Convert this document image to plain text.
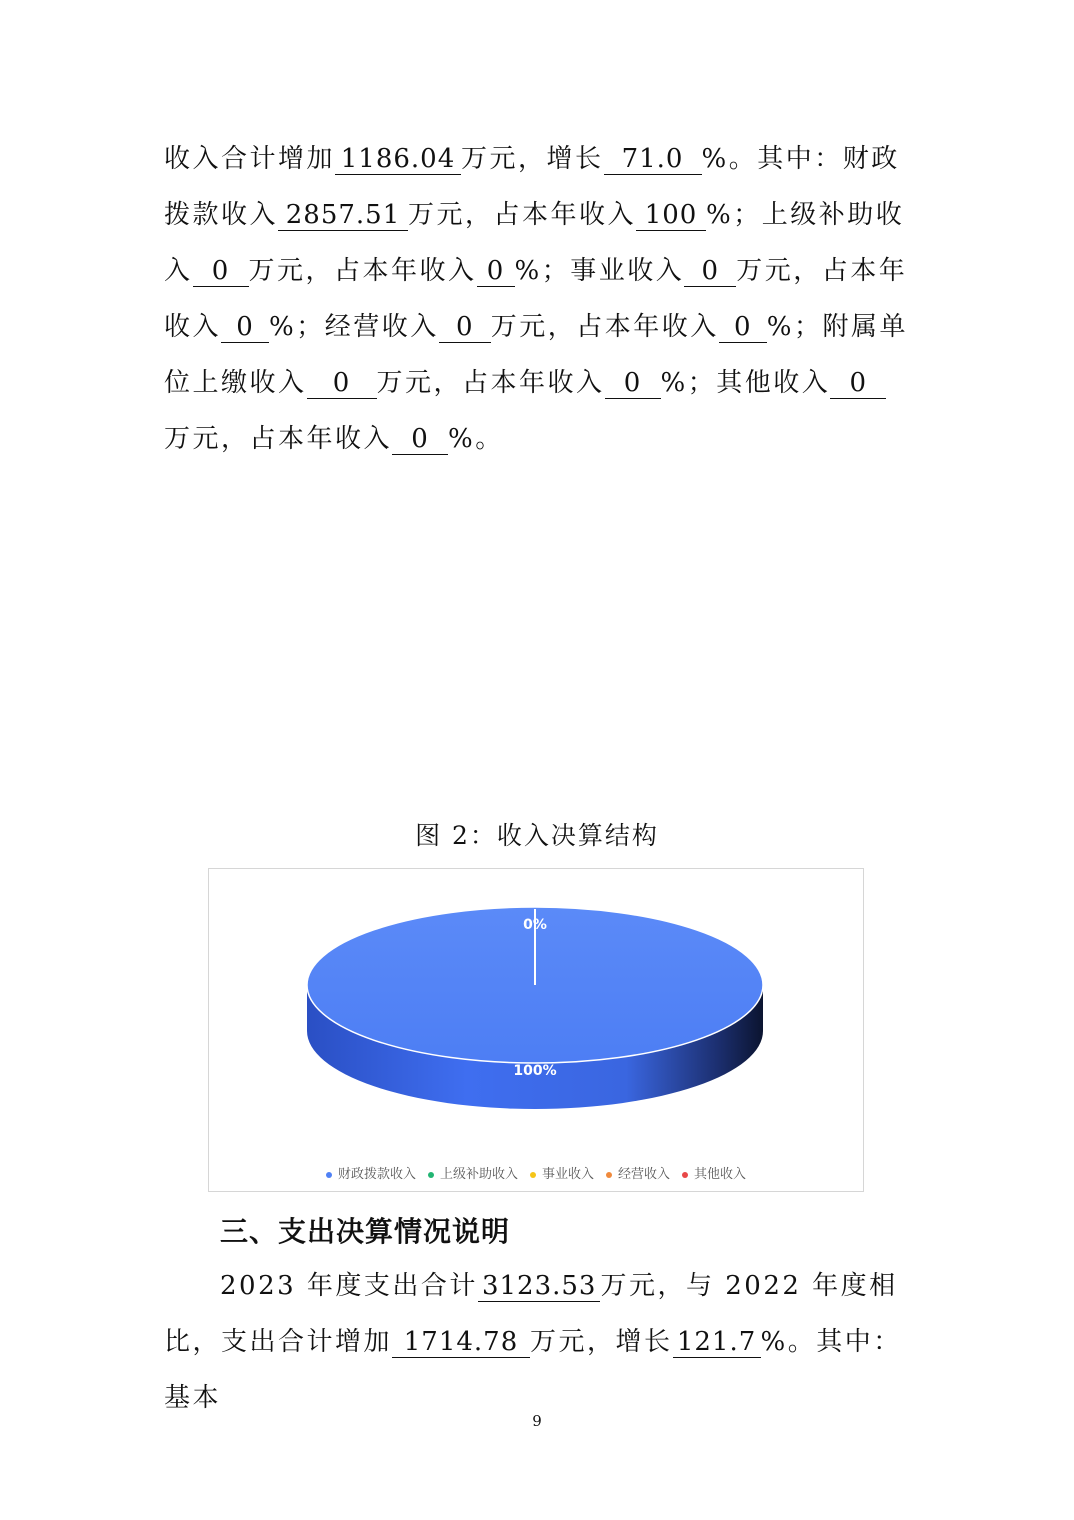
收入合计增加 1186.04 万元，增长 71.0 %。其中：财政拨款收入 2857.51 万元，占本年收入 100 %；上级补助收入 0 万元，占本年收入 0 %；事业收入 0 万元，占本年收入 0 %；经营收入 0 万元，占本年收入 0 %；附属单位上缴收入 0 万元，占本年收入 0 %；其他收入 0万元，占本年收入 0 %。

图 2：收入决算结构
0%
100%
财政拨款收入 上级补助收入 事业收入 经营收入 其他收入
三、支出决算情况说明

2023 年度支出合计 3123.53 万元，与 2022 年度相比，支出合计增加 1714.78 万元，增长 121.7 %。其中：基本

9
